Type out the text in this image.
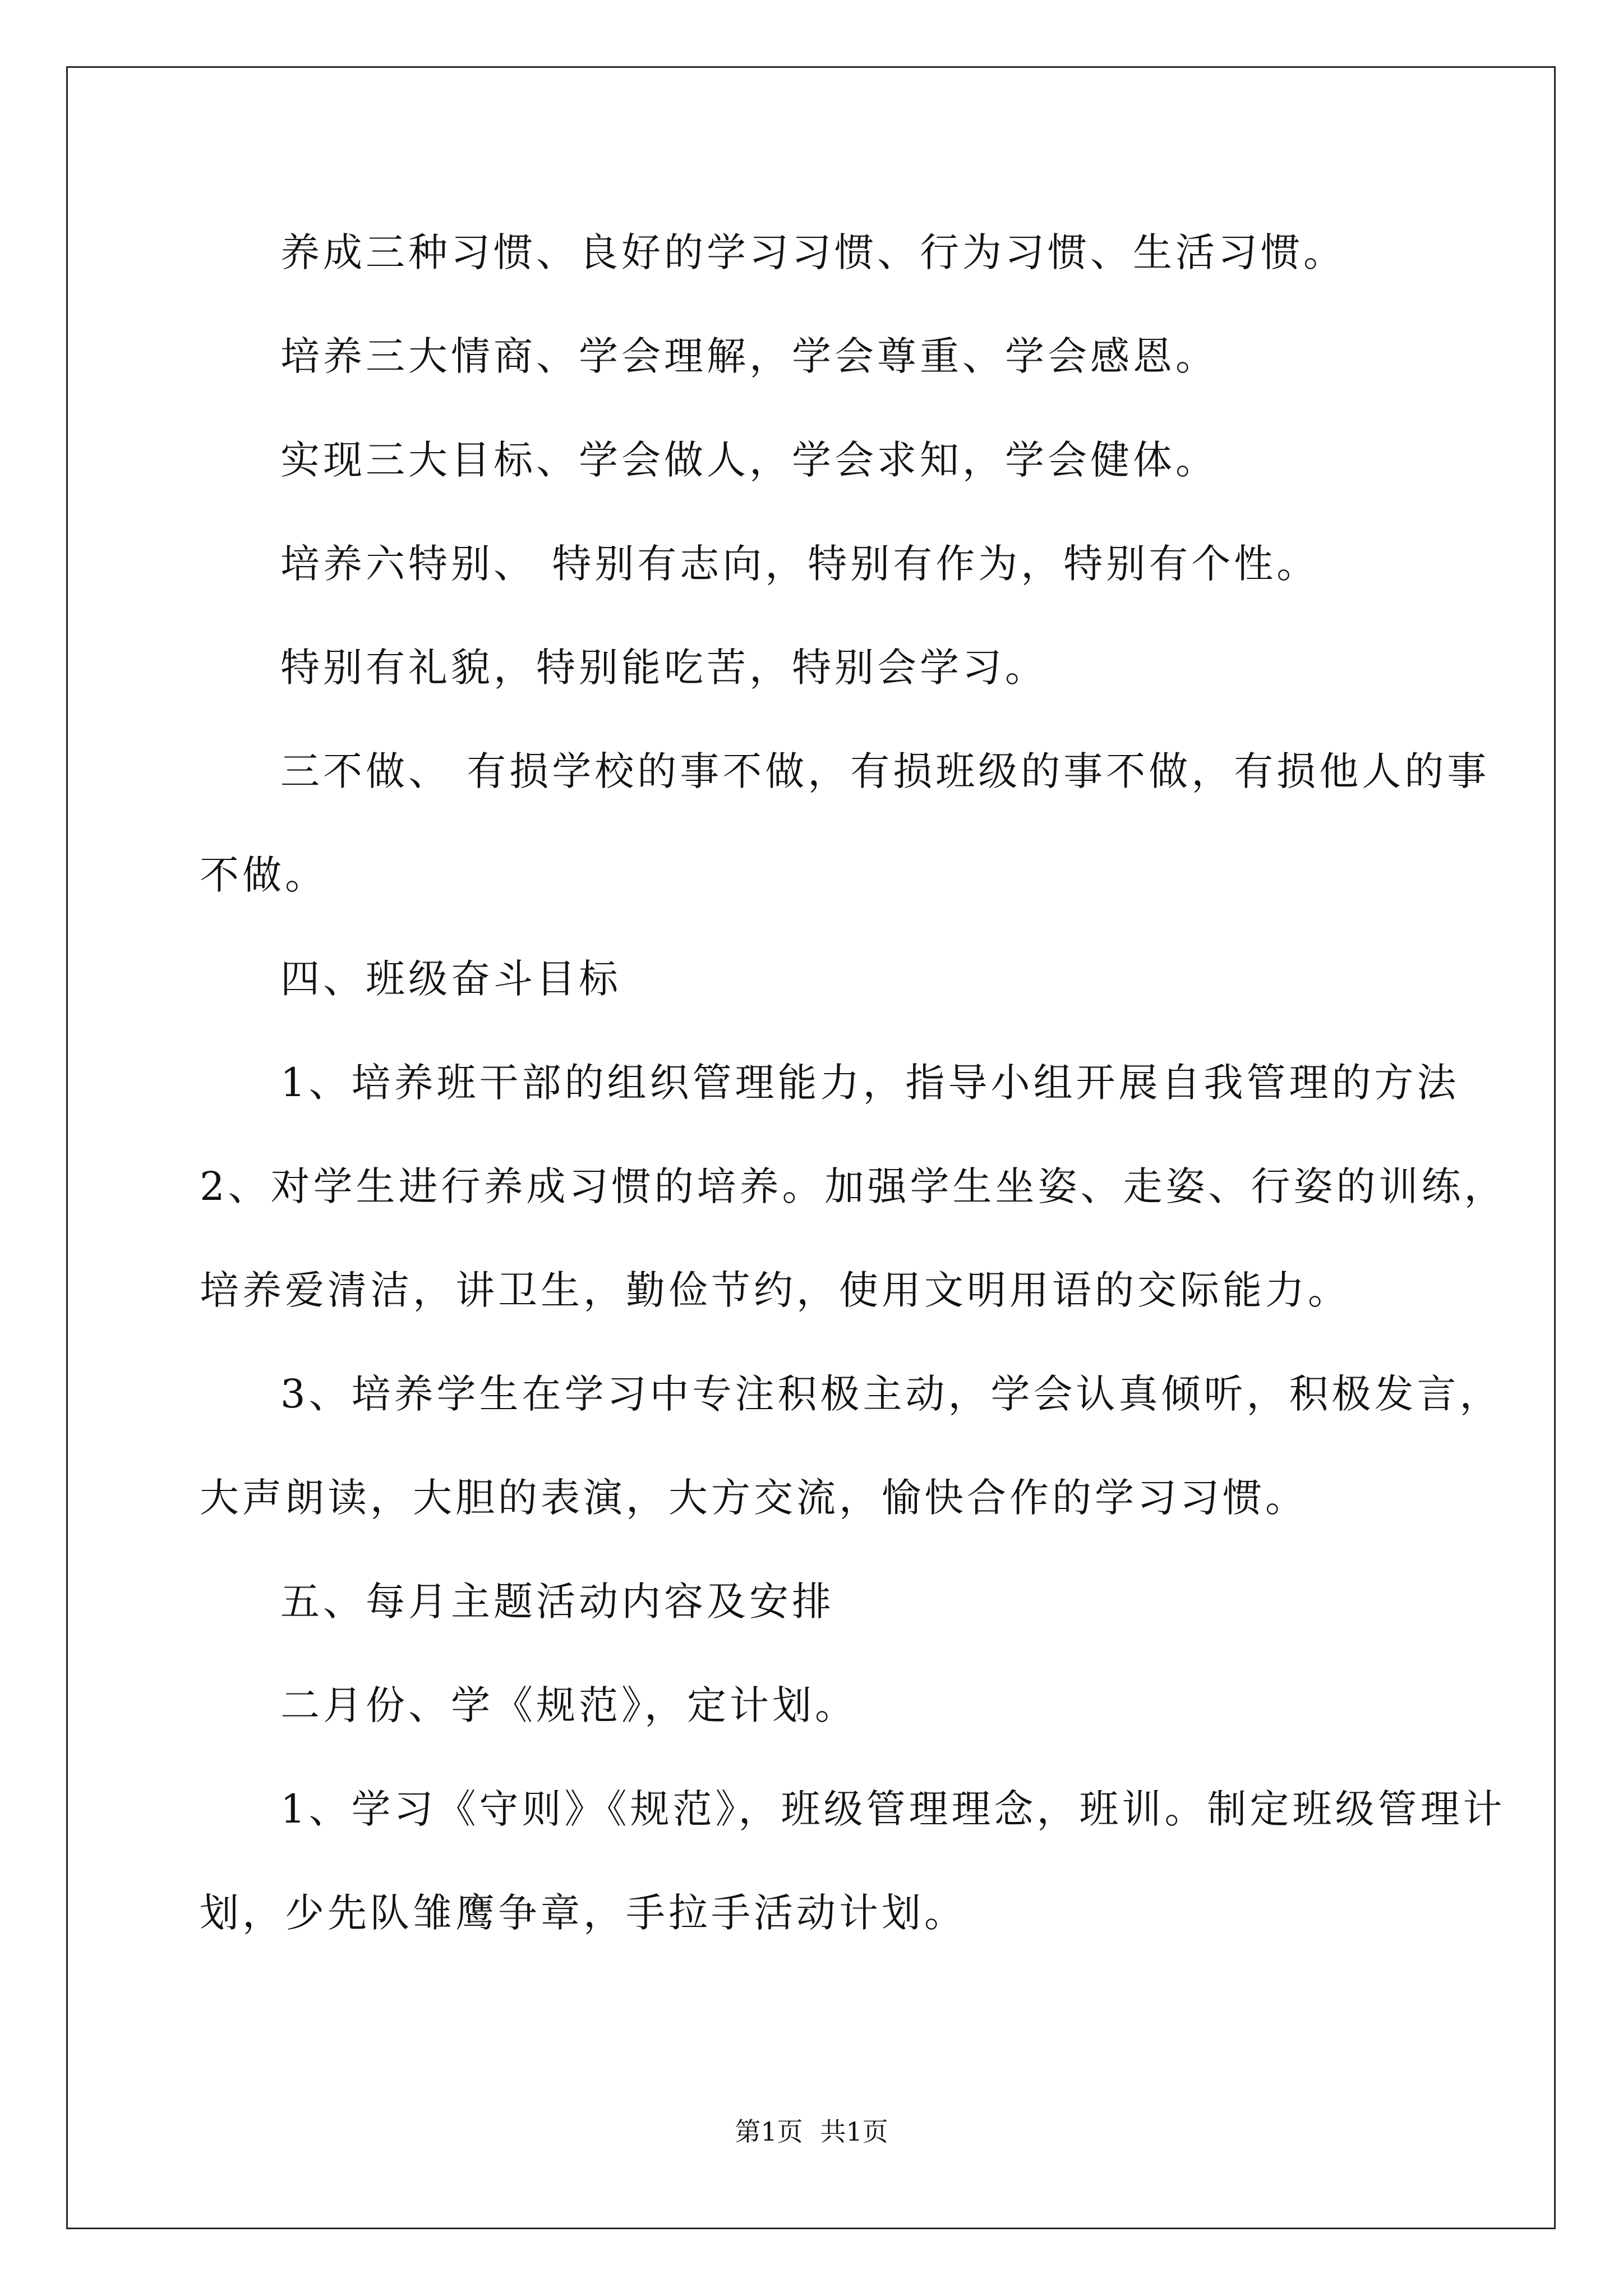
养成三种习惯、良好的学习习惯、行为习惯、生活习惯。
培养三大情商、学会理解，学会尊重、学会感恩。
实现三大目标、学会做人，学会求知，学会健体。
培养六特别、 特别有志向，特别有作为，特别有个性。
特别有礼貌，特别能吃苦，特别会学习。
三不做、 有损学校的事不做，有损班级的事不做，有损他人的事
不做。
四、班级奋斗目标
1、培养班干部的组织管理能力，指导小组开展自我管理的方法
2、对学生进行养成习惯的培养。加强学生坐姿、走姿、行姿的训练，
培养爱清洁，讲卫生，勤俭节约，使用文明用语的交际能力。
3、培养学生在学习中专注积极主动，学会认真倾听，积极发言，
大声朗读，大胆的表演，大方交流，愉快合作的学习习惯。
五、每月主题活动内容及安排
二月份、学《规范》，定计划。
1、学习《守则》《规范》，班级管理理念，班训。制定班级管理计
划，少先队雏鹰争章，手拉手活动计划。
第1页 共1页
